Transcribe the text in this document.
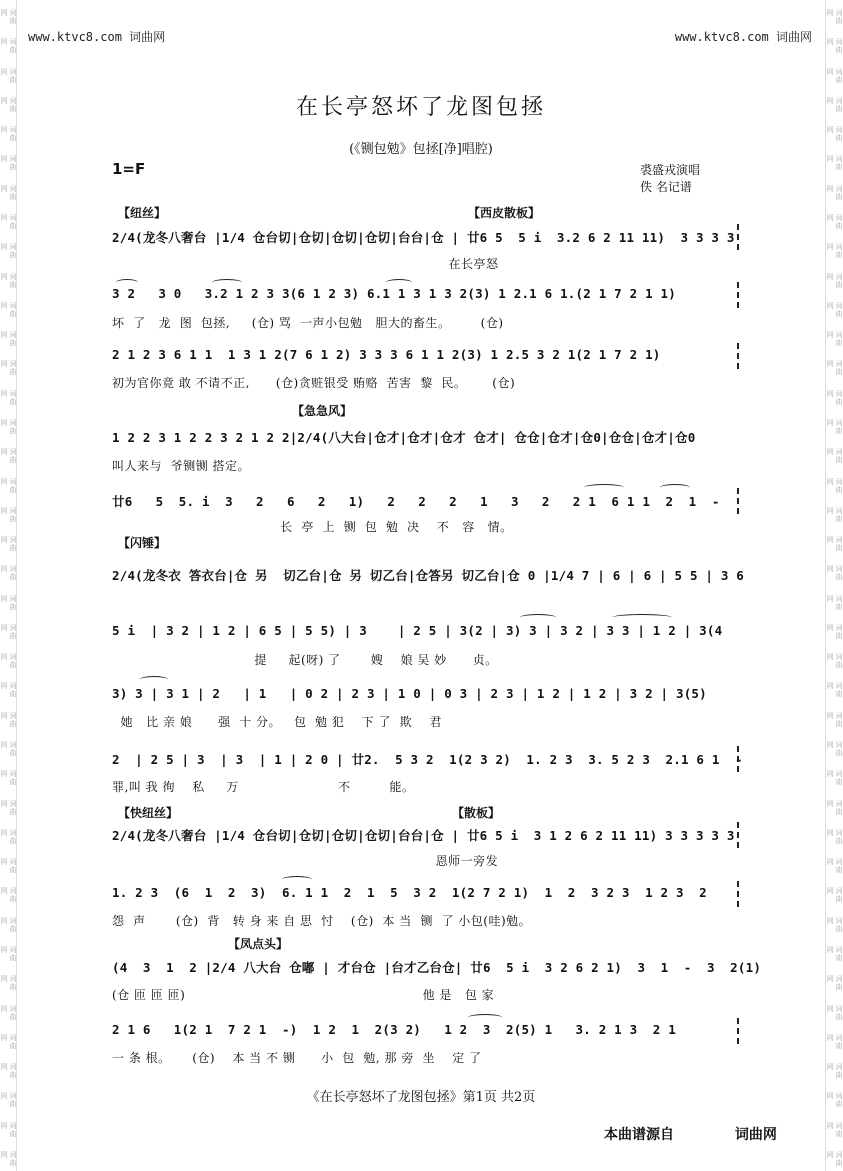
词曲网
词曲网
词曲网
词曲网
词曲网
词曲网
词曲网
词曲网
词曲网
词曲网
词曲网
词曲网
词曲网
词曲网
词曲网
词曲网
词曲网
词曲网
词曲网
词曲网
词曲网
词曲网
词曲网
词曲网
词曲网
词曲网
词曲网
词曲网
词曲网
词曲网
词曲网
词曲网
词曲网
词曲网
词曲网
词曲网
词曲网
词曲网
词曲网
词曲网
词曲网
词曲网
词曲网
词曲网
词曲网
词曲网
词曲网
词曲网
词曲网
词曲网
词曲网
词曲网
词曲网
词曲网
词曲网
词曲网
词曲网
词曲网
词曲网
词曲网
词曲网
词曲网
词曲网
词曲网
词曲网
词曲网
词曲网
词曲网
词曲网
词曲网
词曲网
词曲网
词曲网
词曲网
词曲网
词曲网
词曲网
词曲网
词曲网
词曲网
www.ktvc8.com 词曲网	www.ktvc8.com 词曲网
在长亭怒坏了龙图包拯
(《铡包勉》包拯[净]唱腔)
1=F	裘盛戎演唱
佚 名记谱
【纽丝】	【西皮散板】
【急急风】
【闪锤】
【快纽丝】	【散板】
【凤点头】
2/4(龙冬八奢台 |1/4 仓台切|仓切|仓切|仓切|台台|仓 | 廿6 5  5 i  3.2 6 2 11 11)  3 3 3 3
在长亭怒
3 2   3 0   3.2 1 2 3 3(6 1 2 3) 6.1 1 3 1 3 2(3) 1 2.1 6 1.(2 1 7 2 1 1)
坏  了   龙  图  包拯,     (仓) 骂  一声小包勉   胆大的畜生。       (仓)
2 1 2 3 6 1 1  1 3 1 2(7 6 1 2) 3 3 3 6 1 1 2(3) 1 2.5 3 2 1(2 1 7 2 1)
初为官你竟 敢 不请不正,      (仓)贪赃银受 贿赂  苦害  黎  民。      (仓)
1 2 2 3 1 2 2 3 2 1 2 2|2/4(八大台|仓才|仓才|仓才 仓才| 仓仓|仓才|仓0|仓仓|仓才|仓0
叫人来与  爷铡铡 搭定。
廿6   5  5. i  3   2   6   2   1)   2   2   2   1   3   2   2 1  6 1 1  2  1  -
长  亭  上  铡  包  勉  决    不   容   情。
2/4(龙冬衣 答衣台|仓 另  切乙台|仓 另 切乙台|仓答另 切乙台|仓 0 |1/4 7 | 6 | 6 | 5 5 | 3 6
5 i  | 3 2 | 1 2 | 6 5 | 5 5) | 3    | 2 5 | 3(2 | 3) 3 | 3 2 | 3 3 | 1 2 | 3(4
提     起(呀) 了       嫂    娘 吴 妙      贞。
3) 3 | 3 1 | 2   | 1   | 0 2 | 2 3 | 1 0 | 0 3 | 2 3 | 1 2 | 1 2 | 3 2 | 3(5)
她   比 亲 娘      强  十 分。   包  勉 犯    下 了  欺    君
2  | 2 5 | 3  | 3  | 1 | 2 0 | 廿2.  5 3 2  1(2 3 2)  1. 2 3  3. 5 2 3  2.1 6 1  -
罪,叫 我 徇    私     万                       不         能。
2/4(龙冬八奢台 |1/4 仓台切|仓切|仓切|仓切|台台|仓 | 廿6 5 i  3 1 2 6 2 11 11) 3 3 3 3 3
恩师一旁发
1. 2 3  (6  1  2  3)  6. 1 1  2  1  5  3 2  1(2 7 2 1)  1  2  3 2 3  1 2 3  2
怨  声       (仓)  背   转 身 来 自 思  忖    (仓)  本 当  铡  了 小包(哇)勉。
(4  3  1  2 |2/4 八大台 仓嘟 | 才台仓 |台才乙台仓| 廿6  5 i  3 2 6 2 1)  3  1  -  3  2(1)
(仓 匝 匝 匝)                                                       他 是   包 家
2 1 6   1(2 1  7 2 1  -)  1 2  1  2(3 2)   1 2  3  2(5) 1   3. 2 1 3  2 1
一 条 根。     (仓)    本 当 不 铡      小  包  勉, 那 旁  坐    定 了
《在长亭怒坏了龙图包拯》第1页 共2页
本曲谱源自	词曲网
